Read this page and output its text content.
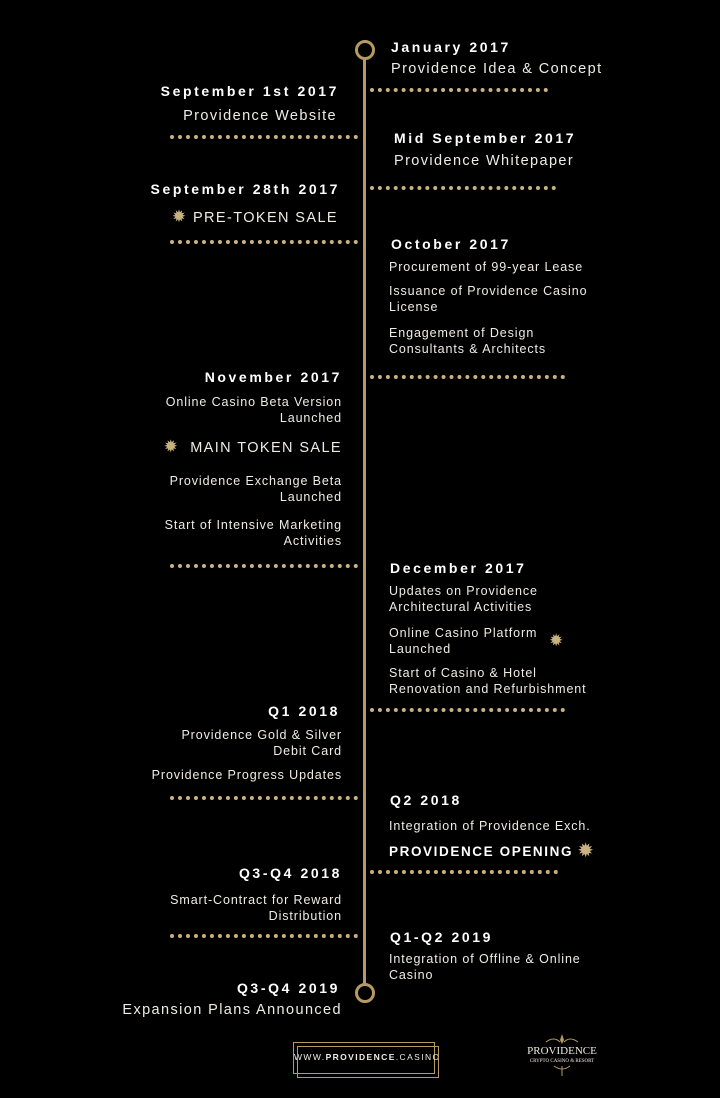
January 2017
Providence Idea & Concept
September 1st 2017
Providence Website
Mid September 2017
Providence Whitepaper
September 28th 2017
✹ PRE-TOKEN SALE
October 2017
Procurement of 99-year Lease
Issuance of Providence Casino License
Engagement of Design Consultants & Architects
November 2017
Online Casino Beta Version Launched
✹ MAIN TOKEN SALE
Providence Exchange Beta Launched
Start of Intensive Marketing Activities
December 2017
Updates on Providence Architectural Activities
Online Casino Platform Launched	✹
Start of Casino & Hotel Renovation and Refurbishment
Q1 2018
Providence Gold & Silver Debit Card
Providence Progress Updates
Q2 2018
Integration of Providence Exch.
PROVIDENCE OPENING ✹
Q3-Q4 2018
Smart-Contract for Reward Distribution
Q1-Q2 2019
Integration of Offline & Online Casino
Q3-Q4 2019
Expansion Plans Announced
WWW.PROVIDENCE.CASINO	PROVIDENCE
CRYPTO CASINO & RESORT
